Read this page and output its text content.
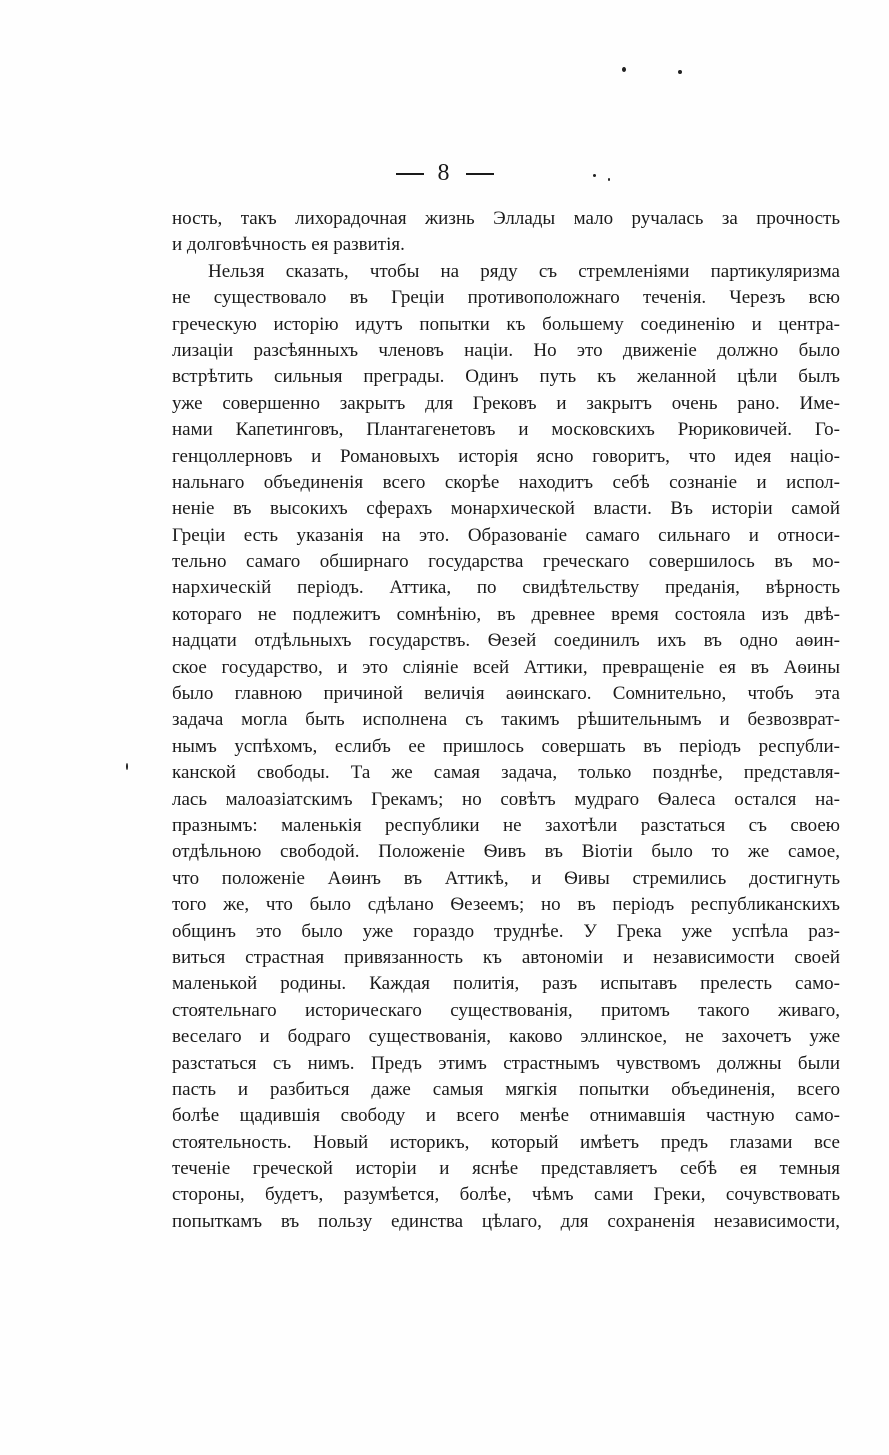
8
ность, такъ лихорадочная жизнь Эллады мало ручалась за прочность
и долговѣчность ея развитія.
Нельзя сказать, чтобы на ряду съ стремленіями партикуляризма
не существовало въ Греціи противоположнаго теченія. Черезъ всю
греческую исторію идутъ попытки къ большему соединенію и центра-
лизаціи разсѣянныхъ членовъ націи. Но это движеніе должно было
встрѣтить сильныя преграды. Одинъ путь къ желанной цѣли былъ
уже совершенно закрытъ для Грековъ и закрытъ очень рано. Име-
нами Капетинговъ, Плантагенетовъ и московскихъ Рюриковичей. Го-
генцоллерновъ и Романовыхъ исторія ясно говоритъ, что идея націо-
нальнаго объединенія всего скорѣе находитъ себѣ сознаніе и испол-
неніе въ высокихъ сферахъ монархической власти. Въ исторіи самой
Греціи есть указанія на это. Образованіе самаго сильнаго и относи-
тельно самаго обширнаго государства греческаго совершилось въ мо-
нархическій періодъ. Аттика, по свидѣтельству преданія, вѣрность
котораго не подлежитъ сомнѣнію, въ древнее время состояла изъ двѣ-
надцати отдѣльныхъ государствъ. Ѳезей соединилъ ихъ въ одно аѳин-
ское государство, и это сліяніе всей Аттики, превращеніе ея въ Аѳины
было главною причиной величія аѳинскаго. Сомнительно, чтобъ эта
задача могла быть исполнена съ такимъ рѣшительнымъ и безвозврат-
нымъ успѣхомъ, еслибъ ее пришлось совершать въ періодъ республи-
канской свободы. Та же самая задача, только позднѣе, представля-
лась малоазіатскимъ Грекамъ; но совѣтъ мудраго Ѳалеса остался на-
празнымъ: маленькія республики не захотѣли разстаться съ своею
отдѣльною свободой. Положеніе Ѳивъ въ Віотіи было то же самое,
что положеніе Аѳинъ въ Аттикѣ, и Ѳивы стремились достигнуть
того же, что было сдѣлано Ѳезеемъ; но въ періодъ республиканскихъ
общинъ это было уже гораздо труднѣе. У Грека уже успѣла раз-
виться страстная привязанность къ автономіи и независимости своей
маленькой родины. Каждая политія, разъ испытавъ прелесть само-
стоятельнаго историческаго существованія, притомъ такого живаго,
веселаго и бодраго существованія, каково эллинское, не захочетъ уже
разстаться съ нимъ. Предъ этимъ страстнымъ чувствомъ должны были
пасть и разбиться даже самыя мягкія попытки объединенія, всего
болѣе щадившія свободу и всего менѣе отнимавшія частную само-
стоятельность. Новый историкъ, который имѣетъ предъ глазами все
теченіе греческой исторіи и яснѣе представляетъ себѣ ея темныя
стороны, будетъ, разумѣется, болѣе, чѣмъ сами Греки, сочувствовать
попыткамъ въ пользу единства цѣлаго, для сохраненія независимости,
